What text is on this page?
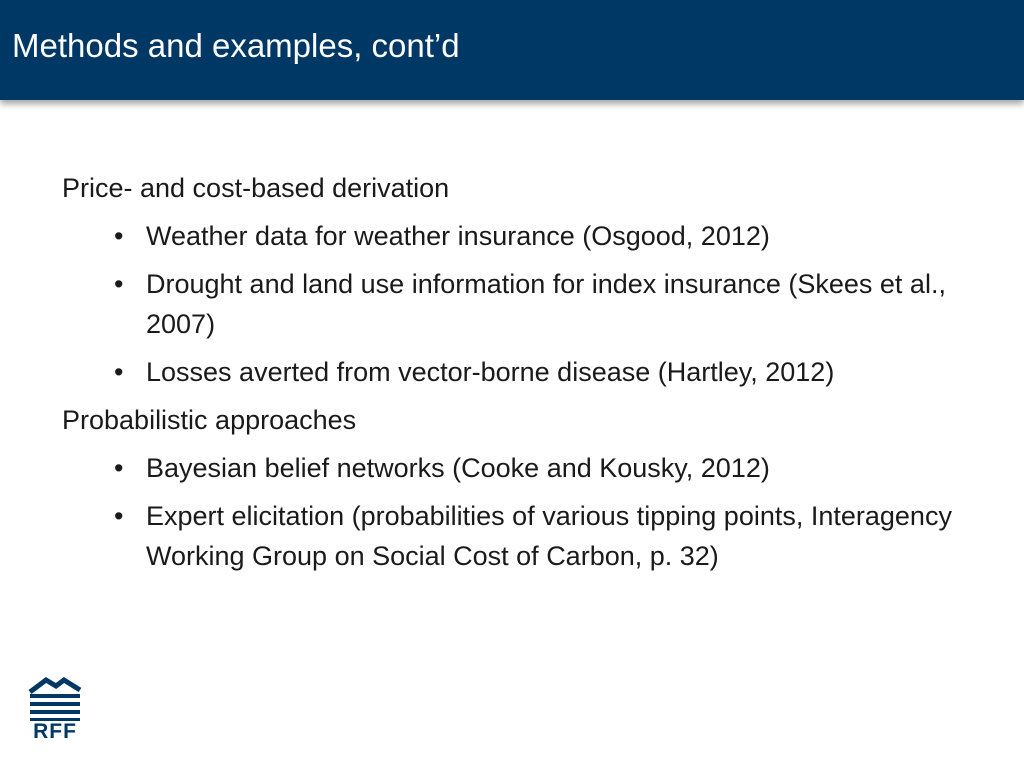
Methods and examples, cont’d
Price- and cost-based derivation
• Weather data for weather insurance (Osgood, 2012)
• Drought and land use information for index insurance (Skees et al., 2007)
• Losses averted from vector-borne disease (Hartley, 2012)
Probabilistic approaches
• Bayesian belief networks (Cooke and Kousky, 2012)
• Expert elicitation (probabilities of various tipping points, Interagency Working Group on Social Cost of Carbon, p. 32)
RFF
